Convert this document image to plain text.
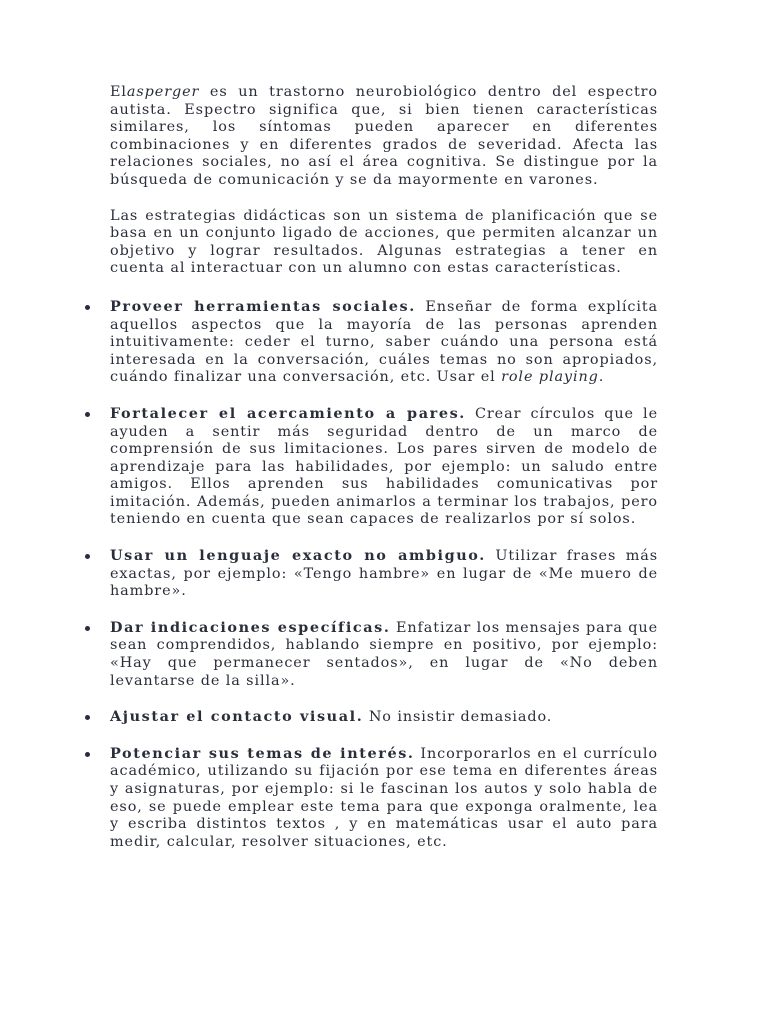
Elasperger es un trastorno neurobiológico dentro del espectro autista. Espectro significa que, si bien tienen características similares, los síntomas pueden aparecer en diferentes combinaciones y en diferentes grados de severidad. Afecta las relaciones sociales, no así el área cognitiva. Se distingue por la búsqueda de comunicación y se da mayormente en varones.

Las estrategias didácticas son un sistema de planificación que se basa en un conjunto ligado de acciones, que permiten alcanzar un objetivo y lograr resultados. Algunas estrategias a tener en cuenta al interactuar con un alumno con estas características.

Proveer herramientas sociales. Enseñar de forma explícita aquellos aspectos que la mayoría de las personas aprenden intuitivamente: ceder el turno, saber cuándo una persona está interesada en la conversación, cuáles temas no son apropiados, cuándo finalizar una conversación, etc. Usar el role playing.
Fortalecer el acercamiento a pares. Crear círculos que le ayuden a sentir más seguridad dentro de un marco de comprensión de sus limitaciones. Los pares sirven de modelo de aprendizaje para las habilidades, por ejemplo: un saludo entre amigos. Ellos aprenden sus habilidades comunicativas por imitación. Además, pueden animarlos a terminar los trabajos, pero teniendo en cuenta que sean capaces de realizarlos por sí solos.
Usar un lenguaje exacto no ambiguo. Utilizar frases más exactas, por ejemplo: «Tengo hambre» en lugar de «Me muero de hambre».
Dar indicaciones específicas. Enfatizar los mensajes para que sean comprendidos, hablando siempre en positivo, por ejemplo: «Hay que permanecer sentados», en lugar de «No deben levantarse de la silla».
Ajustar el contacto visual. No insistir demasiado.
Potenciar sus temas de interés. Incorporarlos en el currículo académico, utilizando su fijación por ese tema en diferentes áreas y asignaturas, por ejemplo: si le fascinan los autos y solo habla de eso, se puede emplear este tema para que exponga oralmente, lea y escriba distintos textos , y en matemáticas usar el auto para medir, calcular, resolver situaciones, etc.
